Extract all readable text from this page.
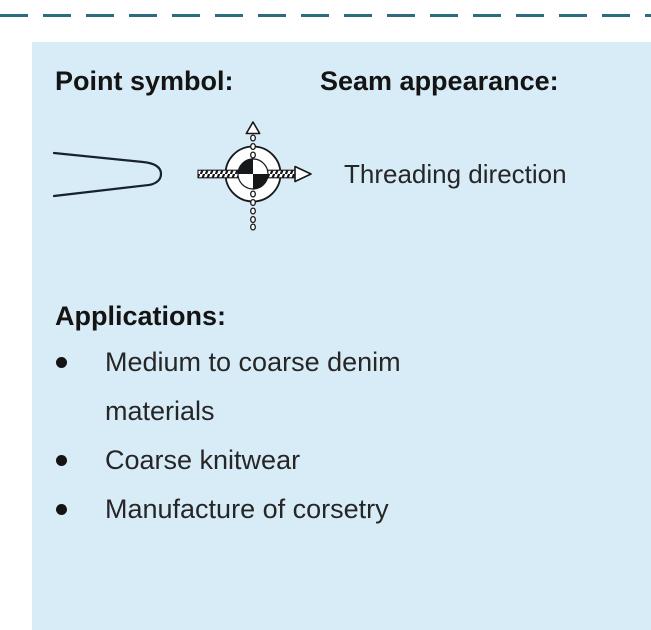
Point symbol:	Seam appearance:
Threading direction
Applications:
Medium to coarse denim materials
Coarse knitwear
Manufacture of corsetry
